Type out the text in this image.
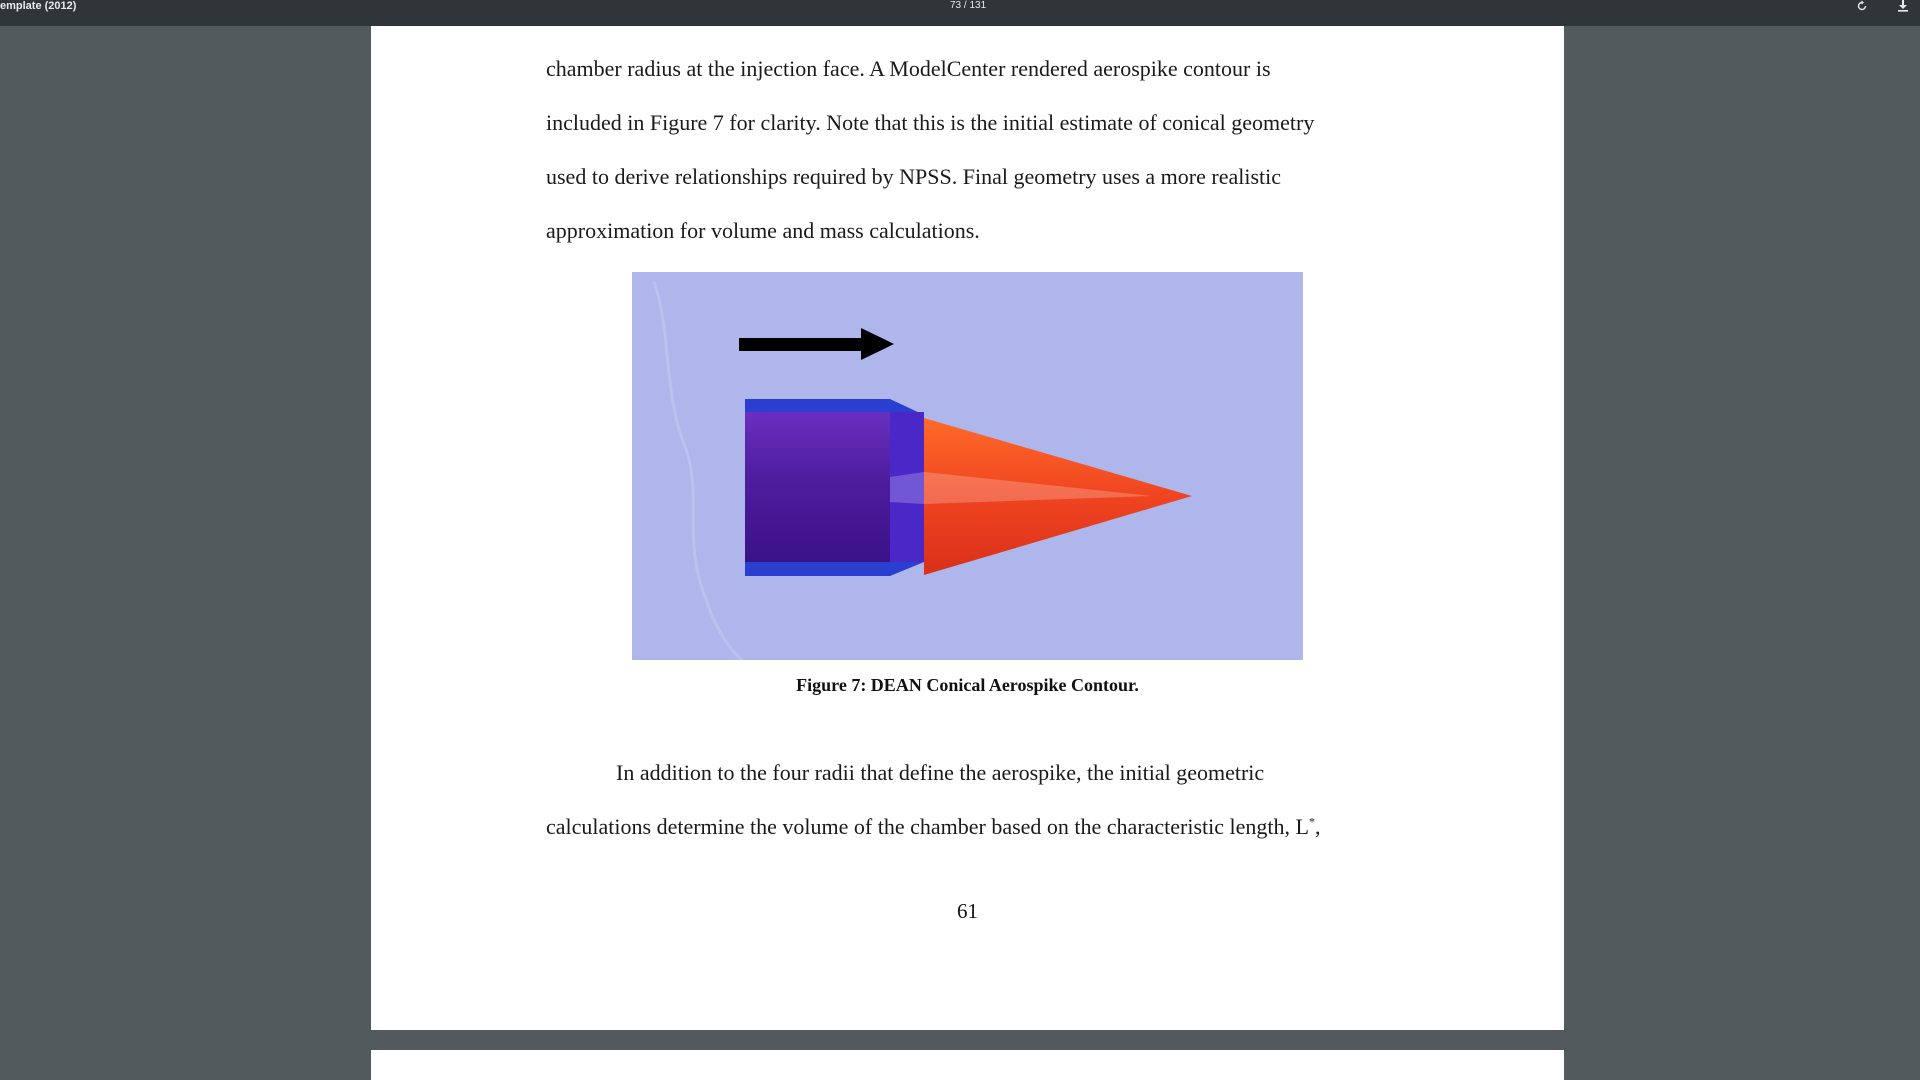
emplate (2012)	73 / 131
chamber radius at the injection face. A ModelCenter rendered aerospike contour is
included in Figure 7 for clarity. Note that this is the initial estimate of conical geometry
used to derive relationships required by NPSS. Final geometry uses a more realistic
approximation for volume and mass calculations.
Figure 7: DEAN Conical Aerospike Contour.
In addition to the four radii that define the aerospike, the initial geometric
calculations determine the volume of the chamber based on the characteristic length, L*,
61
